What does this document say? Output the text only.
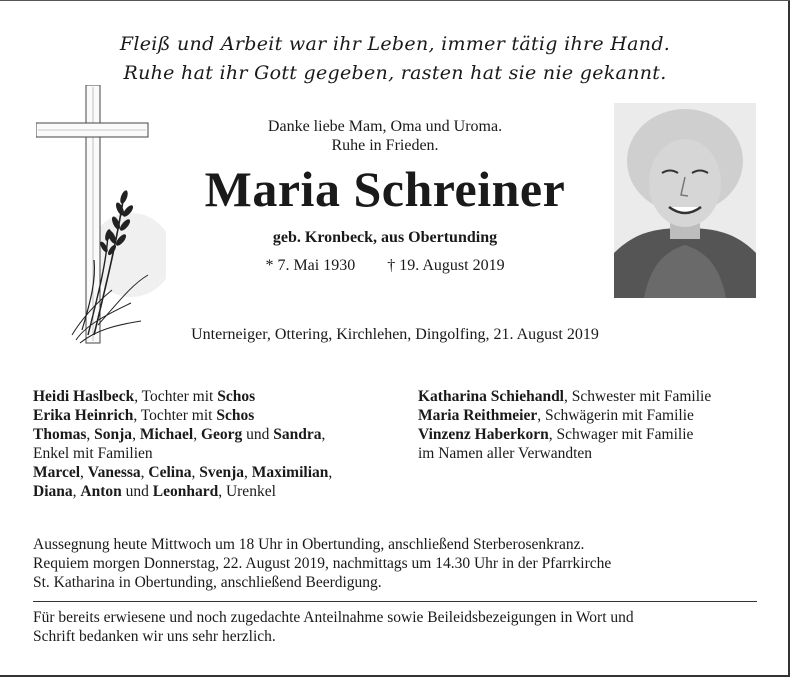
Fleiß und Arbeit war ihr Leben, immer tätig ihre Hand.
Ruhe hat ihr Gott gegeben, rasten hat sie nie gekannt.
Danke liebe Mam, Oma und Uroma.
Ruhe in Frieden.
Maria Schreiner
geb. Kronbeck, aus Obertunding
* 7. Mai 1930 † 19. August 2019
Unterneiger, Ottering, Kirchlehen, Dingolfing, 21. August 2019
Heidi Haslbeck, Tochter mit Schos
Erika Heinrich, Tochter mit Schos
Thomas, Sonja, Michael, Georg und Sandra,
Enkel mit Familien
Marcel, Vanessa, Celina, Svenja, Maximilian,
Diana, Anton und Leonhard, Urenkel
Katharina Schiehandl, Schwester mit Familie
Maria Reithmeier, Schwägerin mit Familie
Vinzenz Haberkorn, Schwager mit Familie
im Namen aller Verwandten
Aussegnung heute Mittwoch um 18 Uhr in Obertunding, anschließend Sterberosenkranz.
Requiem morgen Donnerstag, 22. August 2019, nachmittags um 14.30 Uhr in der Pfarrkirche
St. Katharina in Obertunding, anschließend Beerdigung.
Für bereits erwiesene und noch zugedachte Anteilnahme sowie Beileidsbezeigungen in Wort und
Schrift bedanken wir uns sehr herzlich.
